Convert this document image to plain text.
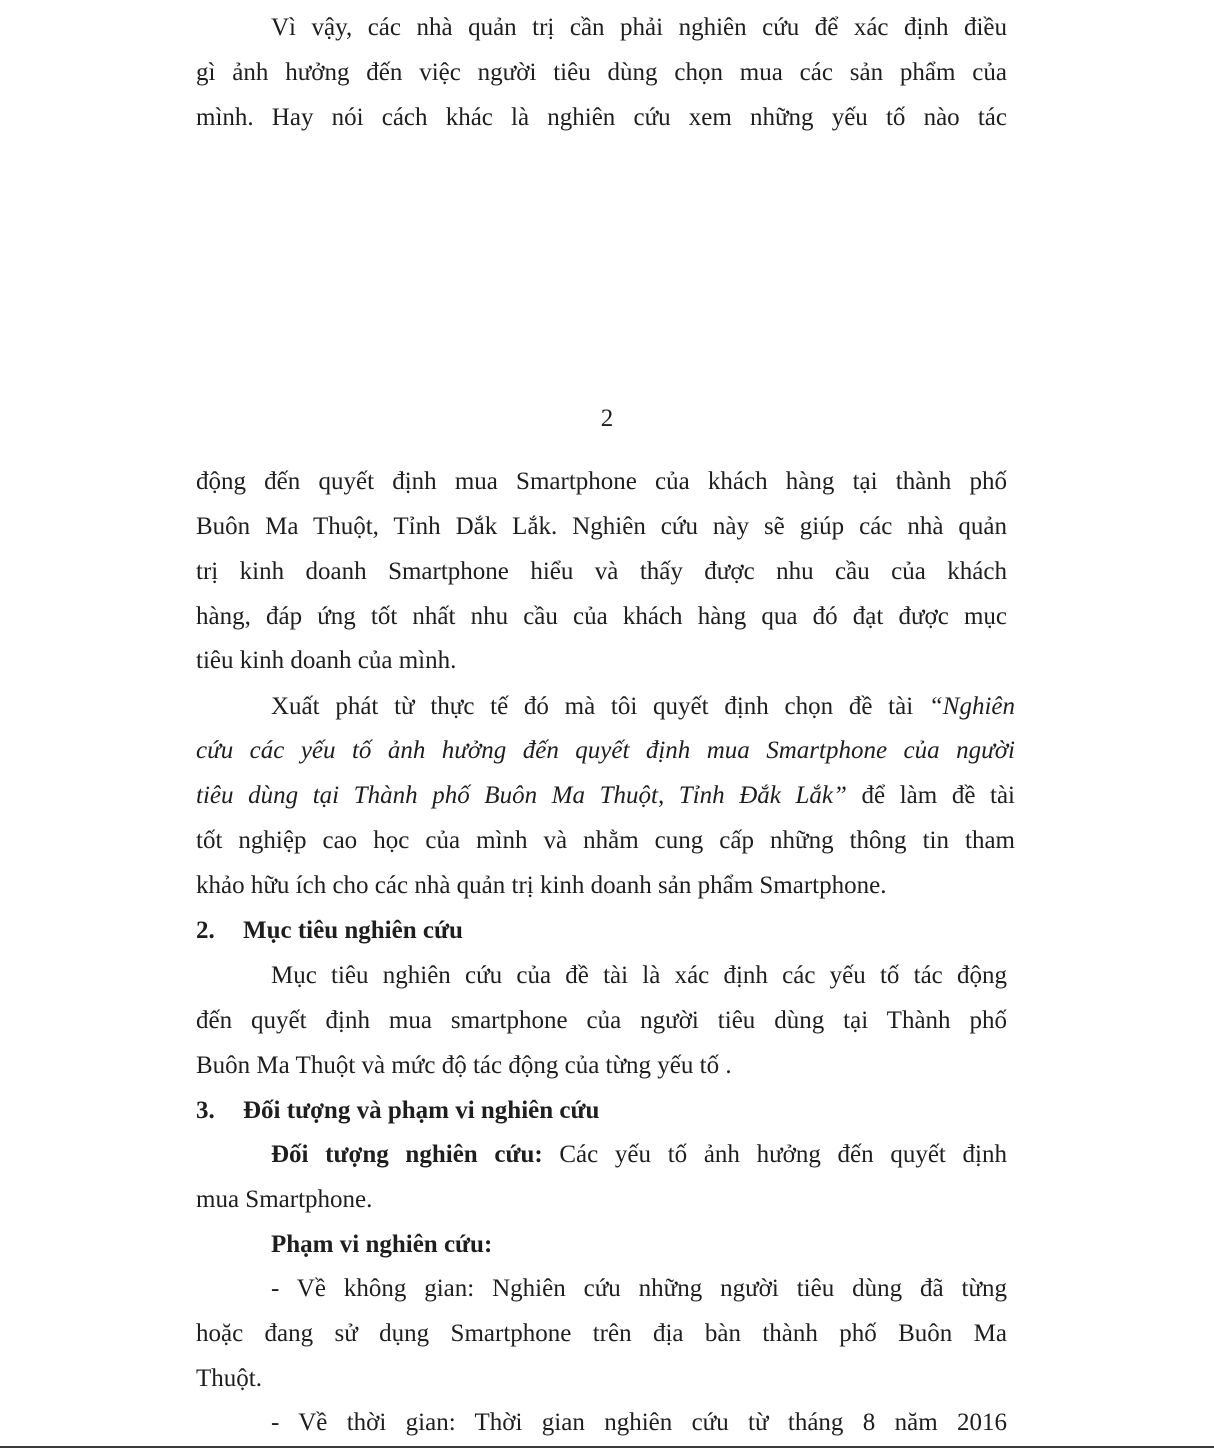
Vì vậy, các nhà quản trị cần phải nghiên cứu để xác định điều
gì ảnh hưởng đến việc người tiêu dùng chọn mua các sản phẩm của
mình. Hay nói cách khác là nghiên cứu xem những yếu tố nào tác
2
động đến quyết định mua Smartphone của khách hàng tại thành phố
Buôn Ma Thuột, Tỉnh Dắk Lắk. Nghiên cứu này sẽ giúp các nhà quản
trị kinh doanh Smartphone hiểu và thấy được nhu cầu của khách
hàng, đáp ứng tốt nhất nhu cầu của khách hàng qua đó đạt được mục
tiêu kinh doanh của mình.
Xuất phát từ thực tế đó mà tôi quyết định chọn đề tài “Nghiên
cứu các yếu tố ảnh hưởng đến quyết định mua Smartphone của người
tiêu dùng tại Thành phố Buôn Ma Thuột, Tỉnh Đắk Lắk” để làm đề tài
tốt nghiệp cao học của mình và nhằm cung cấp những thông tin tham
khảo hữu ích cho các nhà quản trị kinh doanh sản phẩm Smartphone.
2. Mục tiêu nghiên cứu
Mục tiêu nghiên cứu của đề tài là xác định các yếu tố tác động
đến quyết định mua smartphone của người tiêu dùng tại Thành phố
Buôn Ma Thuột và mức độ tác động của từng yếu tố .
3. Đối tượng và phạm vi nghiên cứu
Đối tượng nghiên cứu: Các yếu tố ảnh hưởng đến quyết định
mua Smartphone.
Phạm vi nghiên cứu:
- Về không gian: Nghiên cứu những người tiêu dùng đã từng
hoặc đang sử dụng Smartphone trên địa bàn thành phố Buôn Ma
Thuột.
- Về thời gian: Thời gian nghiên cứu từ tháng 8 năm 2016
